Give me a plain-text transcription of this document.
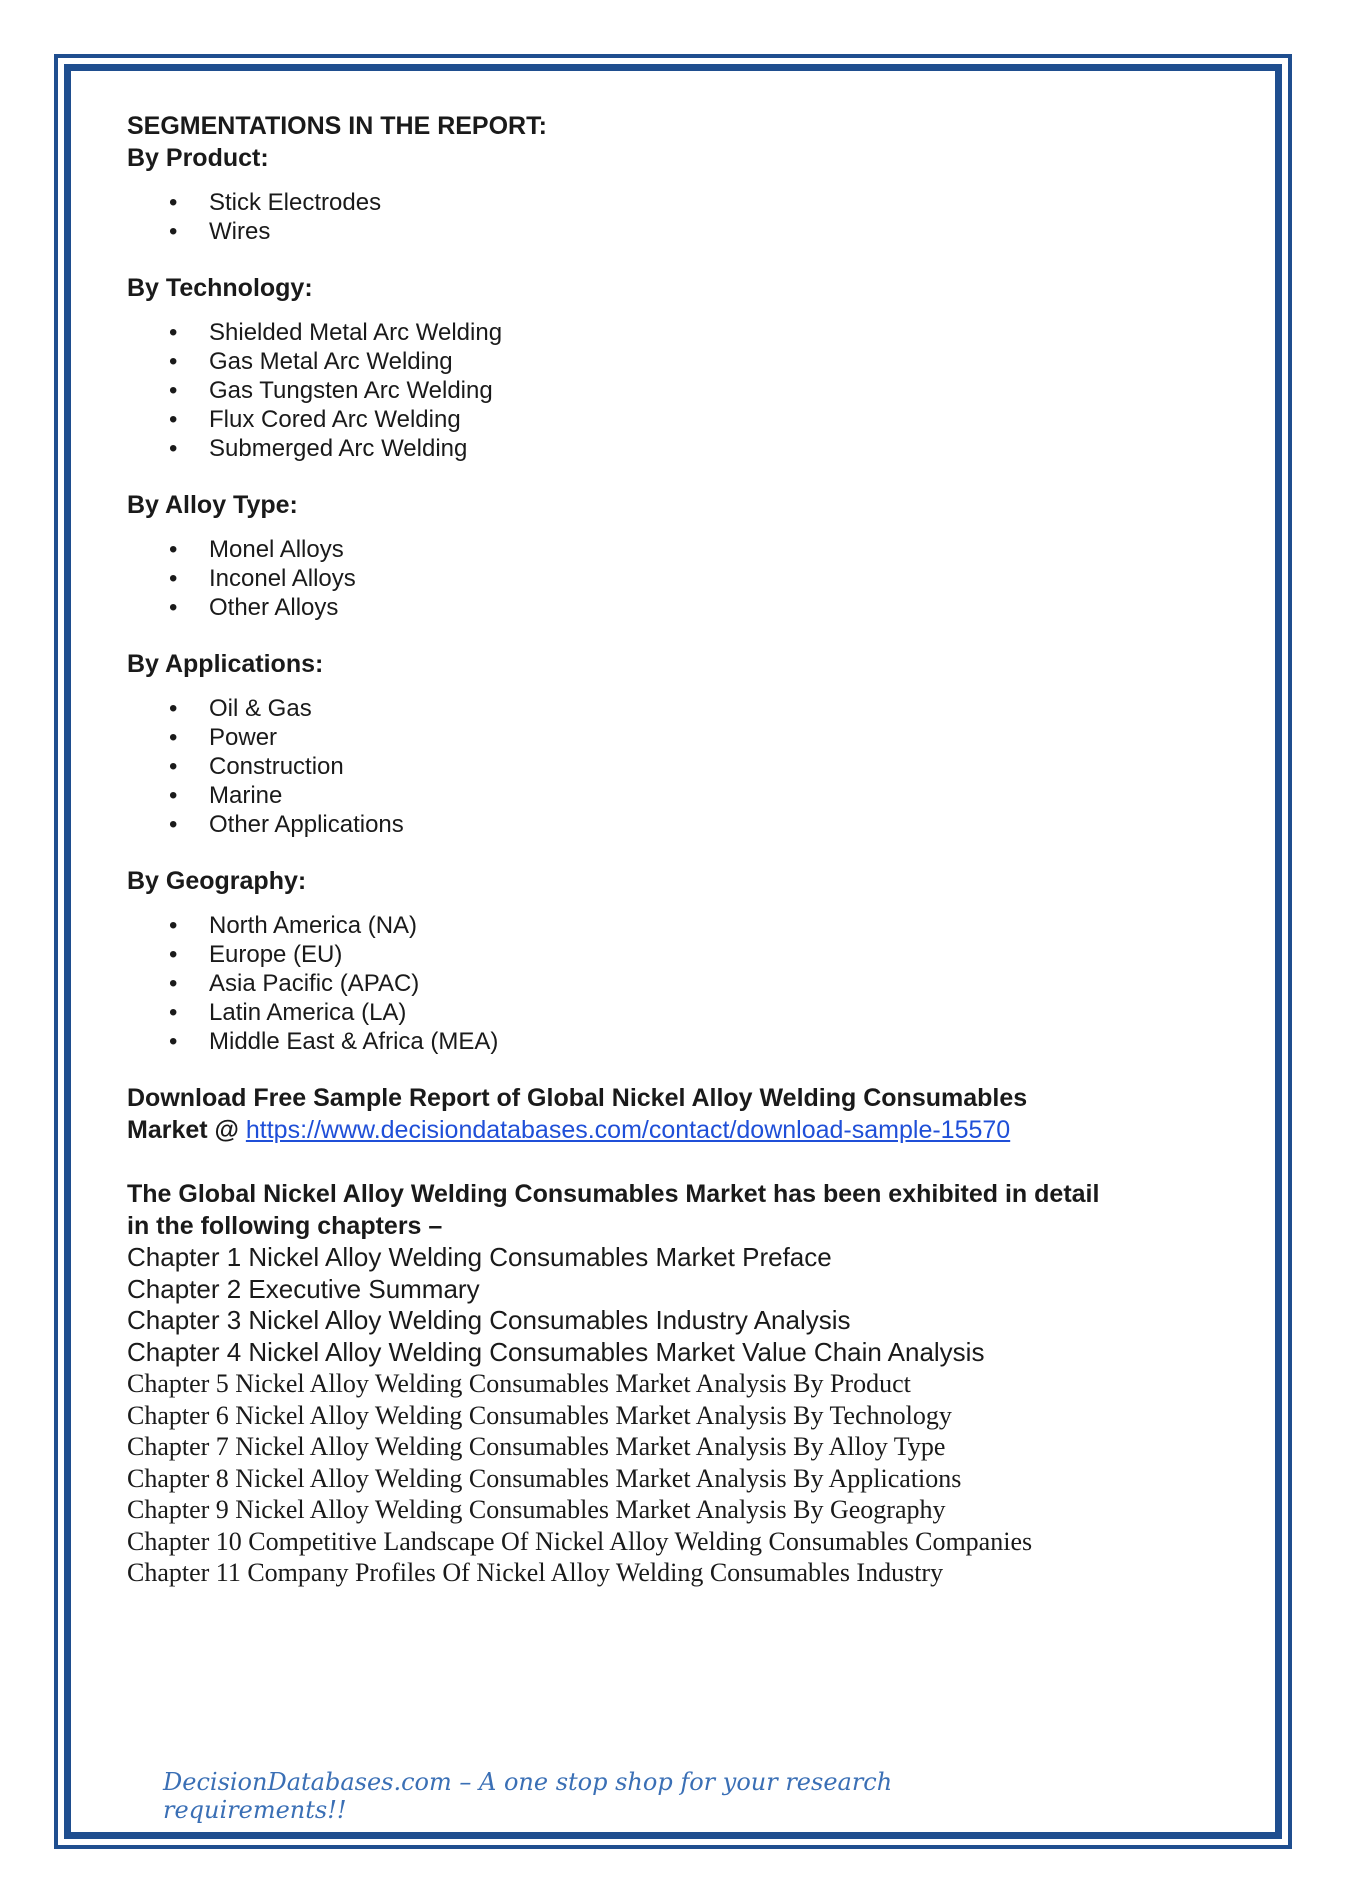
SEGMENTATIONS IN THE REPORT:
By Product:
• Stick Electrodes
• Wires
By Technology:
• Shielded Metal Arc Welding
• Gas Metal Arc Welding
• Gas Tungsten Arc Welding
• Flux Cored Arc Welding
• Submerged Arc Welding
By Alloy Type:
• Monel Alloys
• Inconel Alloys
• Other Alloys
By Applications:
• Oil & Gas
• Power
• Construction
• Marine
• Other Applications
By Geography:
• North America (NA)
• Europe (EU)
• Asia Pacific (APAC)
• Latin America (LA)
• Middle East & Africa (MEA)
Download Free Sample Report of Global Nickel Alloy Welding Consumables
Market @ https://www.decisiondatabases.com/contact/download-sample-15570
The Global Nickel Alloy Welding Consumables Market has been exhibited in detail
in the following chapters –
Chapter 1 Nickel Alloy Welding Consumables Market Preface
Chapter 2 Executive Summary
Chapter 3 Nickel Alloy Welding Consumables Industry Analysis
Chapter 4 Nickel Alloy Welding Consumables Market Value Chain Analysis
Chapter 5 Nickel Alloy Welding Consumables Market Analysis By Product
Chapter 6 Nickel Alloy Welding Consumables Market Analysis By Technology
Chapter 7 Nickel Alloy Welding Consumables Market Analysis By Alloy Type
Chapter 8 Nickel Alloy Welding Consumables Market Analysis By Applications
Chapter 9 Nickel Alloy Welding Consumables Market Analysis By Geography
Chapter 10 Competitive Landscape Of Nickel Alloy Welding Consumables Companies
Chapter 11 Company Profiles Of Nickel Alloy Welding Consumables Industry
DecisionDatabases.com – A one stop shop for your research requirements!!
